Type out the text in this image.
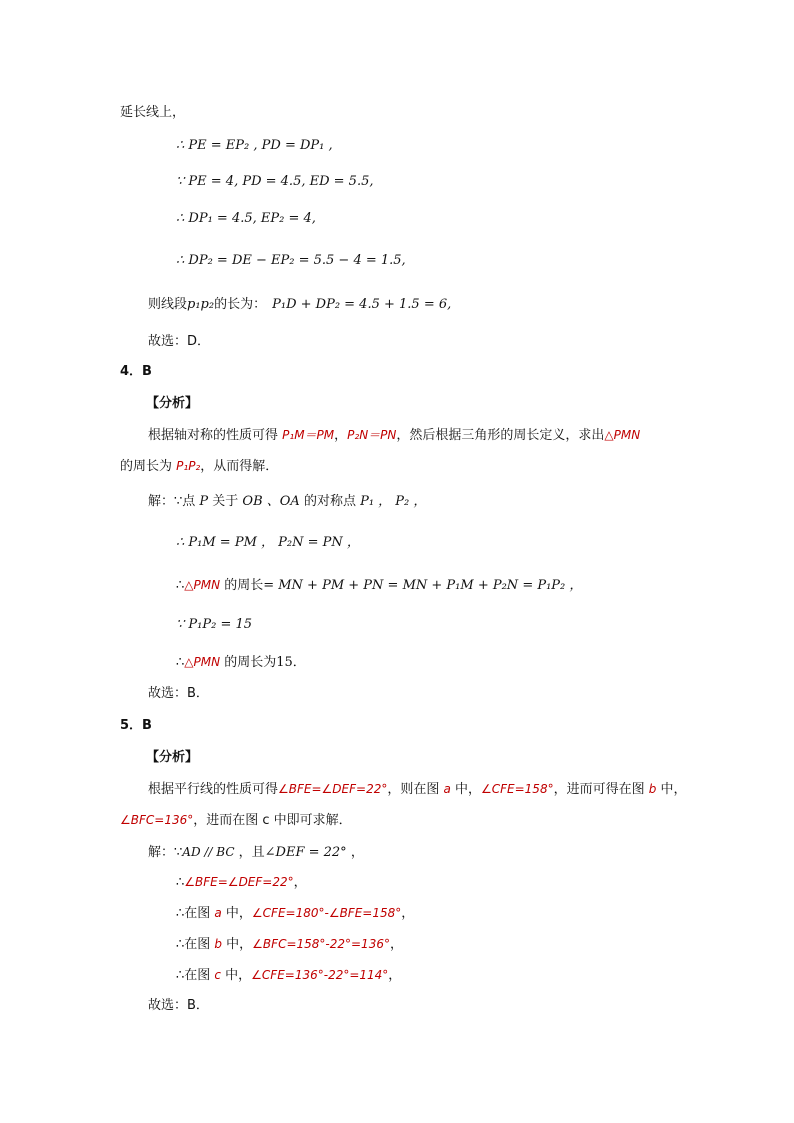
延长线上，
∴ PE = EP₂ , PD = DP₁ ,
∵ PE = 4, PD = 4.5, ED = 5.5,
∴ DP₁ = 4.5, EP₂ = 4,
∴ DP₂ = DE − EP₂ = 5.5 − 4 = 1.5,
则线段p₁p₂的长为： P₁D + DP₂ = 4.5 + 1.5 = 6,
故选：D．
4．B
【分析】
根据轴对称的性质可得 P₁M＝PM，P₂N＝PN，然后根据三角形的周长定义，求出△PMN
的周长为 P₁P₂，从而得解．
解：∵点 P 关于 OB 、OA 的对称点 P₁ ， P₂ ，
∴ P₁M = PM ， P₂N = PN ，
∴△PMN 的周长= MN + PM + PN = MN + P₁M + P₂N = P₁P₂ ，
∵ P₁P₂ = 15
∴△PMN 的周长为15．
故选：B．
5．B
【分析】
根据平行线的性质可得∠BFE=∠DEF=22°，则在图 a 中，∠CFE=158°，进而可得在图 b 中，
∠BFC=136°，进而在图 c 中即可求解．
解：∵AD // BC ，且∠DEF = 22° ，
∴∠BFE=∠DEF=22°，
∴在图 a 中，∠CFE=180°-∠BFE=158°，
∴在图 b 中，∠BFC=158°-22°=136°，
∴在图 c 中，∠CFE=136°-22°=114°，
故选：B．
